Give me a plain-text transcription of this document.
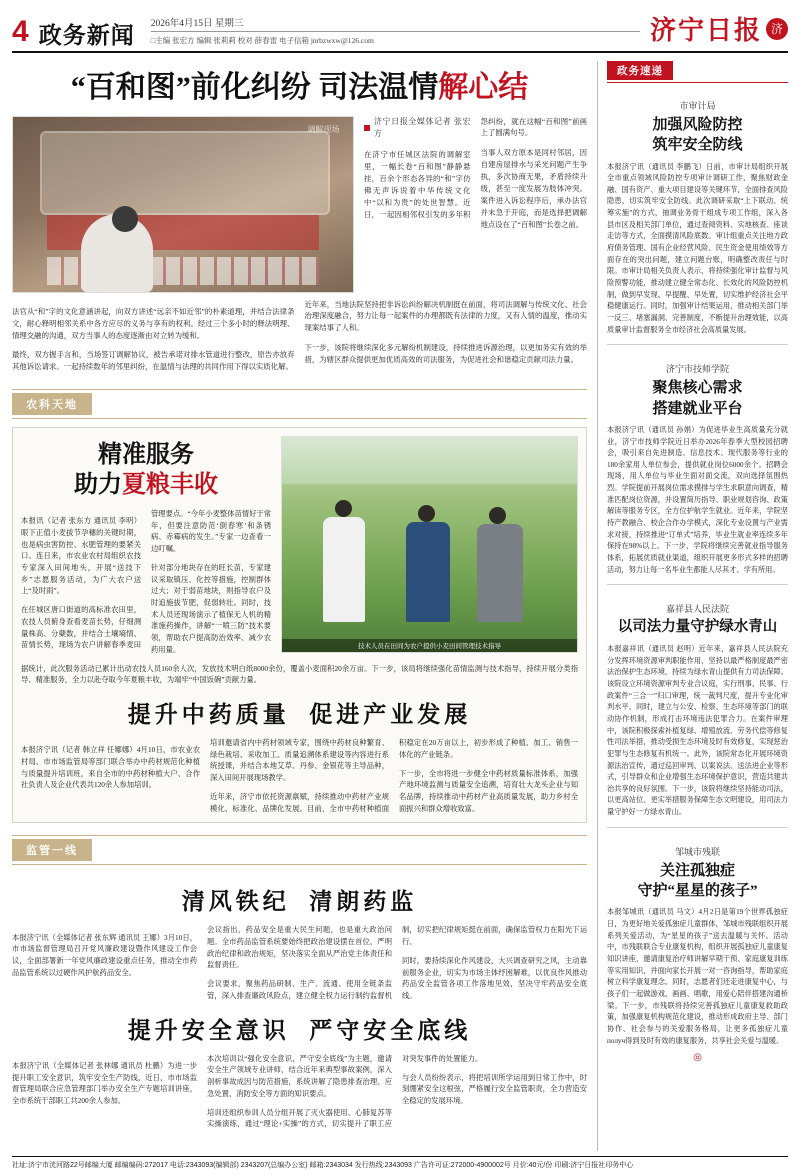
4 政务新闻 2026年4月15日 星期三
□主编 张宏方 编辑 张莉莉 校对 薛春雷 电子信箱 jnrbzwxw@126.com	济宁日报 济
“百和图”前化纠纷 司法温情解心结
调解现场
济宁日报全媒体记者 张宏方

在济宁市任城区法院的调解室里，一幅长卷“百和图”静静悬挂，百余个形态各异的“和”字仿佛无声诉说着中华传统文化中“以和为贵”的处世智慧。近日，一起因相邻权引发的多年积怨纠纷，就在这幅“百和图”前画上了圆满句号。

当事人双方原本是同村邻居，因自建房屋排水与采光问题产生争执，多次协商无果，矛盾持续升级，甚至一度发展为肢体冲突。案件进入诉讼程序后，承办法官并未急于开庭，而是选择把调解地点设在了“百和图”长卷之前。

法官从“和”字的文化意涵讲起，向双方讲述“远亲不如近邻”的朴素道理，并结合法律条文，耐心释明相邻关系中各方应尽的义务与享有的权利。经过三个多小时的释法明理、情理交融的沟通，双方当事人的态度逐渐由对立转为缓和。

最终，双方握手言和，当场签订调解协议，被告承诺对排水管道进行整改，原告亦放弃其他诉讼请求。一起持续数年的邻里纠纷，在温情与法理的共同作用下得以实质化解。

近年来，当地法院坚持把非诉讼纠纷解决机制挺在前面，将司法调解与传统文化、社会治理深度融合，努力让每一起案件的办理都既有法律的力度，又有人情的温度，推动实现案结事了人和。

下一步，该院将继续深化多元解纷机制建设，持续推进诉源治理，以更加务实有效的举措，为辖区群众提供更加优质高效的司法服务，为促进社会和谐稳定贡献司法力量。

农科天地
精准服务
助力夏粮丰收

本报讯（记者 张东方 通讯员 李明）眼下正值小麦拔节孕穗的关键时期，也是病虫害防控、水肥管理的要紧关口。连日来，市农业农村局组织农技专家深入田间地头，开展“送技下乡”志愿服务活动，为广大农户送上“及时雨”。

在任城区唐口街道的高标准农田里，农技人员俯身查看麦苗长势，仔细测量株高、分蘖数，并结合土壤墒情、苗情长势，现场为农户讲解春季麦田管理要点。“今年小麦整体苗情好于常年，但要注意防范‘倒春寒’和条锈病、赤霉病的发生。”专家一边查看一边叮嘱。

针对部分地块存在的旺长苗，专家建议采取镇压、化控等措施，控制群体过大；对于弱苗地块，则指导农户及时追施拔节肥，促弱转壮。同时，技术人员还现场演示了植保无人机的精准施药操作，讲解“一喷三防”技术要领，帮助农户提高防治效率、减少农药用量。	技术人员在田间为农户提供小麦田间管理技术指导
据统计，此次服务活动已累计出动农技人员160余人次，发放技术明白纸8000余份，覆盖小麦面积20余万亩。下一步，该局将继续强化苗情监测与技术指导，持续开展分类指导、精准服务，全力以赴夺取今年夏粮丰收，为端牢“中国饭碗”贡献力量。
提升中药质量 促进产业发展

本报济宁讯（记者 韩立祥 任娜娜）4月10日，市农业农村局、市市场监管局等部门联合举办中药材规范化种植与质量提升培训班，来自全市的中药材种植大户、合作社负责人及企业代表共120余人参加培训。

培训邀请省内中药材领域专家，围绕中药材良种繁育、绿色栽培、采收加工、质量追溯体系建设等内容进行系统授课，并结合本地艾草、丹参、金银花等主导品种，深入田间开展现场教学。

近年来，济宁市依托资源禀赋，持续推动中药材产业规模化、标准化、品牌化发展。目前，全市中药材种植面积稳定在20万亩以上，初步形成了种植、加工、销售一体化的产业链条。

下一步，全市将进一步健全中药材质量标准体系，加强产地环境监测与质量安全追溯，培育壮大龙头企业与知名品牌，持续推动中药材产业高质量发展，助力乡村全面振兴和群众增收致富。

监管一线
清风铁纪 清朗药监

本报济宁讯（全媒体记者 张东辉 通讯员 王娜）3月10日，市市场监督管理局召开党风廉政建设暨作风建设工作会议，全面部署新一年党风廉政建设重点任务，推动全市药品监管系统以过硬作风护航药品安全。

会议指出，药品安全是重大民生问题，也是重大政治问题。全市药品监管系统要始终把政治建设摆在首位，严明政治纪律和政治规矩，坚决落实全面从严治党主体责任和监督责任。

会议要求，聚焦药品研制、生产、流通、使用全链条监管，深入排查廉政风险点，建立健全权力运行制约监督机制，切实把纪律规矩挺在前面，确保监管权力在阳光下运行。

同时，要持续深化作风建设，大兴调查研究之风，主动靠前服务企业，切实为市场主体纾困解难，以优良作风推动药品安全监管各项工作落地见效，坚决守牢药品安全底线。

提升安全意识 严守安全底线

本报济宁讯（全媒体记者 张林娜 通讯员 杜鹏）为进一步提升职工安全意识，筑牢安全生产防线，近日，市市场监督管理局联合应急管理部门举办安全生产专题培训讲座，全市系统干部职工共200余人参加。

本次培训以“强化安全意识、严守安全底线”为主题，邀请安全生产领域专业讲师，结合近年来典型事故案例，深入剖析事故成因与防范措施，系统讲解了隐患排查治理、应急处置、消防安全等方面的知识要点。

培训还组织参训人员分组开展了灭火器使用、心肺复苏等实操演练，通过“理论+实操”的方式，切实提升了职工应对突发事件的处置能力。

与会人员纷纷表示，将把培训所学运用到日常工作中，时刻绷紧安全这根弦，严格履行安全监管职责，全力营造安全稳定的发展环境。

政务速递
市审计局
加强风险防控
筑牢安全防线
本报济宁讯（通讯员 李鹏飞）日前，市审计局组织开展全市重点领域风险防控专项审计调研工作，聚焦财政金融、国有资产、重大项目建设等关键环节，全面排查风险隐患，切实筑牢安全防线。此次调研采取“上下联动、统筹实施”的方式，抽调业务骨干组成专项工作组，深入各县市区及相关部门单位，通过查阅资料、实地核查、座谈走访等方式，全面摸清风险底数。审计组重点关注地方政府债务管理、国有企业经营风险、民生资金使用绩效等方面存在的突出问题，建立问题台账，明确整改责任与时限。市审计局相关负责人表示，将持续强化审计监督与风险预警功能，推动建立健全常态化、长效化的风险防控机制，做到早发现、早提醒、早处置，切实维护经济社会平稳健康运行。同时，加强审计结果运用，推动相关部门举一反三、堵塞漏洞、完善制度，不断提升治理效能，以高质量审计监督服务全市经济社会高质量发展。
济宁市技师学院
聚焦核心需求
搭建就业平台
本报济宁讯（通讯员 孙娟）为促进毕业生高质量充分就业，济宁市技师学院近日举办2026年春季大型校园招聘会，吸引来自先进制造、信息技术、现代服务等行业的180余家用人单位参会，提供就业岗位6000余个。招聘会现场，用人单位与毕业生面对面交流，双向选择氛围热烈。学院提前开展岗位需求摸排与学生求职意向调查，精准匹配岗位资源，并设置简历指导、职业规划咨询、政策解读等服务专区，全方位护航学生就业。近年来，学院坚持产教融合、校企合作办学模式，深化专业设置与产业需求对接，持续推进“订单式”培养，毕业生就业率连续多年保持在98%以上。下一步，学院将继续完善就业指导服务体系，拓展优质就业渠道，组织开展更多形式多样的招聘活动，努力让每一名毕业生都能人尽其才、学有所用。
嘉祥县人民法院
以司法力量守护绿水青山
本报嘉祥讯（通讯员 赵明）近年来，嘉祥县人民法院充分发挥环境资源审判职能作用，坚持以最严格制度最严密法治保护生态环境，持续为绿水青山提供有力司法保障。该院设立环境资源审判专业合议庭，实行刑事、民事、行政案件“三合一”归口审理，统一裁判尺度，提升专业化审判水平。同时，建立与公安、检察、生态环境等部门的联动协作机制，形成打击环境违法犯罪合力。在案件审理中，该院积极探索补植复绿、增殖放流、劳务代偿等修复性司法举措，推动受损生态环境及时有效修复，实现惩治犯罪与生态修复有机统一。此外，该院常态化开展环境资源法治宣传，通过巡回审判、以案说法、送法进企业等形式，引导群众和企业增强生态环境保护意识，营造共建共治共享的良好氛围。下一步，该院将继续坚持能动司法，以更高站位、更实举措服务保障生态文明建设，用司法力量守护好一方绿水青山。
邹城市残联
关注孤独症
守护“星星的孩子”
本报邹城讯（通讯员 马文）4月2日是第19个世界孤独症日，为更好地关爱孤独症儿童群体，邹城市残联组织开展系列关爱活动，为“星星的孩子”送去温暖与关怀。活动中，市残联联合专业康复机构，组织开展孤独症儿童康复知识讲座，邀请康复治疗师讲解早期干预、家庭康复训练等实用知识，并面向家长开展一对一咨询指导，帮助家庭树立科学康复理念。同时，志愿者们还走进康复中心，与孩子们一起做游戏、画画、唱歌，用爱心陪伴搭建沟通桥梁。下一步，市残联将持续完善孤独症儿童康复救助政策，加强康复机构规范化建设，推动形成政府主导、部门协作、社会参与的关爱服务格局，让更多孤独症儿童получ得到及时有效的康复服务，共享社会关爱与温暖。
◎
社址:济宁市洸河路22号邮编大厦 邮编编码:272017 电话:2343093(编辑部) 2343207(总编办公室) 邮箱:2343034 发行热线:2343093 广告许可证:272000-4900002号 月价:40元/份 印刷:济宁日报社印务中心
